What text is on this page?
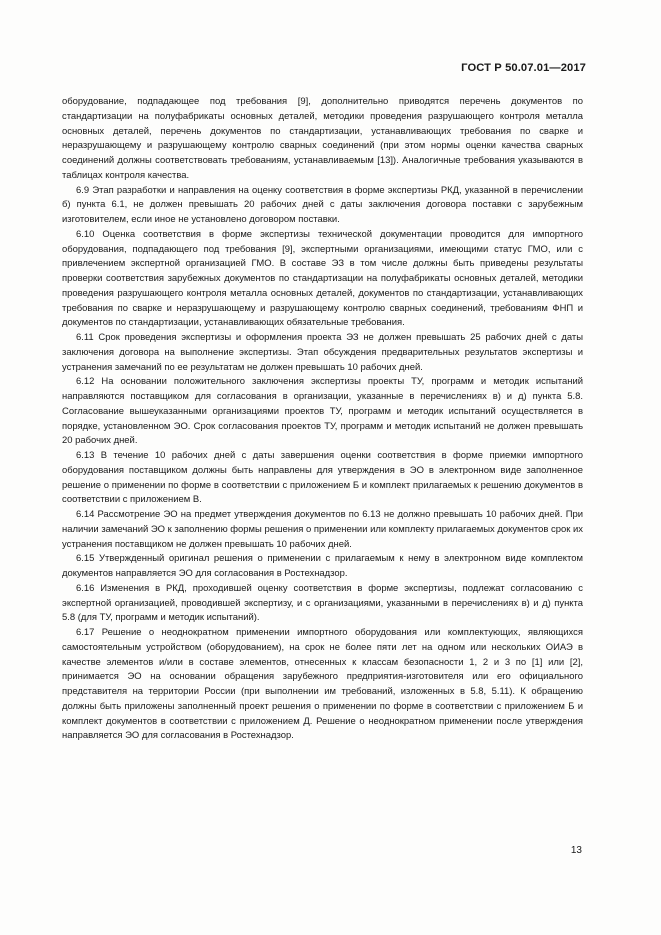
ГОСТ Р 50.07.01—2017

оборудование, подпадающее под требования [9], дополнительно приводятся перечень документов по стандартизации на полуфабрикаты основных деталей, методики проведения разрушающего контроля металла основных деталей, перечень документов по стандартизации, устанавливающих требования по сварке и неразрушающему и разрушающему контролю сварных соединений (при этом нормы оценки качества сварных соединений должны соответствовать требованиям, устанавливаемым [13]). Аналогичные требования указываются в таблицах контроля качества.

6.9 Этап разработки и направления на оценку соответствия в форме экспертизы РКД, указанной в перечислении б) пункта 6.1, не должен превышать 20 рабочих дней с даты заключения договора поставки с зарубежным изготовителем, если иное не установлено договором поставки.

6.10 Оценка соответствия в форме экспертизы технической документации проводится для импортного оборудования, подпадающего под требования [9], экспертными организациями, имеющими статус ГМО, или с привлечением экспертной организацией ГМО. В составе ЭЗ в том числе должны быть приведены результаты проверки соответствия зарубежных документов по стандартизации на полуфабрикаты основных деталей, методики проведения разрушающего контроля металла основных деталей, документов по стандартизации, устанавливающих требования по сварке и неразрушающему и разрушающему контролю сварных соединений, требованиям ФНП и документов по стандартизации, устанавливающих обязательные требования.

6.11 Срок проведения экспертизы и оформления проекта ЭЗ не должен превышать 25 рабочих дней с даты заключения договора на выполнение экспертизы. Этап обсуждения предварительных результатов экспертизы и устранения замечаний по ее результатам не должен превышать 10 рабочих дней.

6.12 На основании положительного заключения экспертизы проекты ТУ, программ и методик испытаний направляются поставщиком для согласования в организации, указанные в перечислениях в) и д) пункта 5.8. Согласование вышеуказанными организациями проектов ТУ, программ и методик испытаний осуществляется в порядке, установленном ЭО. Срок согласования проектов ТУ, программ и методик испытаний не должен превышать 20 рабочих дней.

6.13 В течение 10 рабочих дней с даты завершения оценки соответствия в форме приемки импортного оборудования поставщиком должны быть направлены для утверждения в ЭО в электронном виде заполненное решение о применении по форме в соответствии с приложением Б и комплект прилагаемых к решению документов в соответствии с приложением В.

6.14 Рассмотрение ЭО на предмет утверждения документов по 6.13 не должно превышать 10 рабочих дней. При наличии замечаний ЭО к заполнению формы решения о применении или комплекту прилагаемых документов срок их устранения поставщиком не должен превышать 10 рабочих дней.

6.15 Утвержденный оригинал решения о применении с прилагаемым к нему в электронном виде комплектом документов направляется ЭО для согласования в Ростехнадзор.

6.16 Изменения в РКД, проходившей оценку соответствия в форме экспертизы, подлежат согласованию с экспертной организацией, проводившей экспертизу, и с организациями, указанными в перечислениях в) и д) пункта 5.8 (для ТУ, программ и методик испытаний).

6.17 Решение о неоднократном применении импортного оборудования или комплектующих, являющихся самостоятельным устройством (оборудованием), на срок не более пяти лет на одном или нескольких ОИАЭ в качестве элементов и/или в составе элементов, отнесенных к классам безопасности 1, 2 и 3 по [1] или [2], принимается ЭО на основании обращения зарубежного предприятия-изготовителя или его официального представителя на территории России (при выполнении им требований, изложенных в 5.8, 5.11). К обращению должны быть приложены заполненный проект решения о применении по форме в соответствии с приложением Б и комплект документов в соответствии с приложением Д. Решение о неоднократном применении после утверждения направляется ЭО для согласования в Ростехнадзор.

13
